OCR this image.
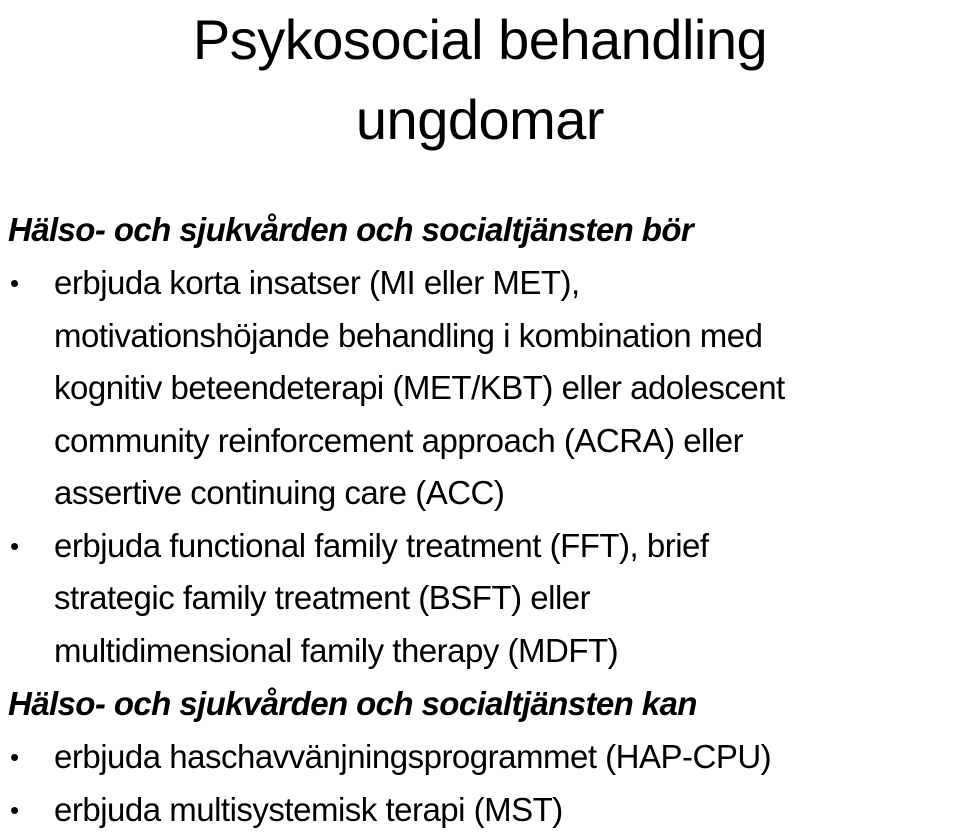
Psykosocial behandling
ungdomar

Hälso- och sjukvården och socialtjänsten bör

• erbjuda korta insatser (MI eller MET),
motivationshöjande behandling i kombination med
kognitiv beteendeterapi (MET/KBT) eller adolescent
community reinforcement approach (ACRA) eller
assertive continuing care (ACC)
• erbjuda functional family treatment (FFT), brief
strategic family treatment (BSFT) eller
multidimensional family therapy (MDFT)

Hälso- och sjukvården och socialtjänsten kan

• erbjuda haschavvänjningsprogrammet (HAP-CPU)
• erbjuda multisystemisk terapi (MST)
